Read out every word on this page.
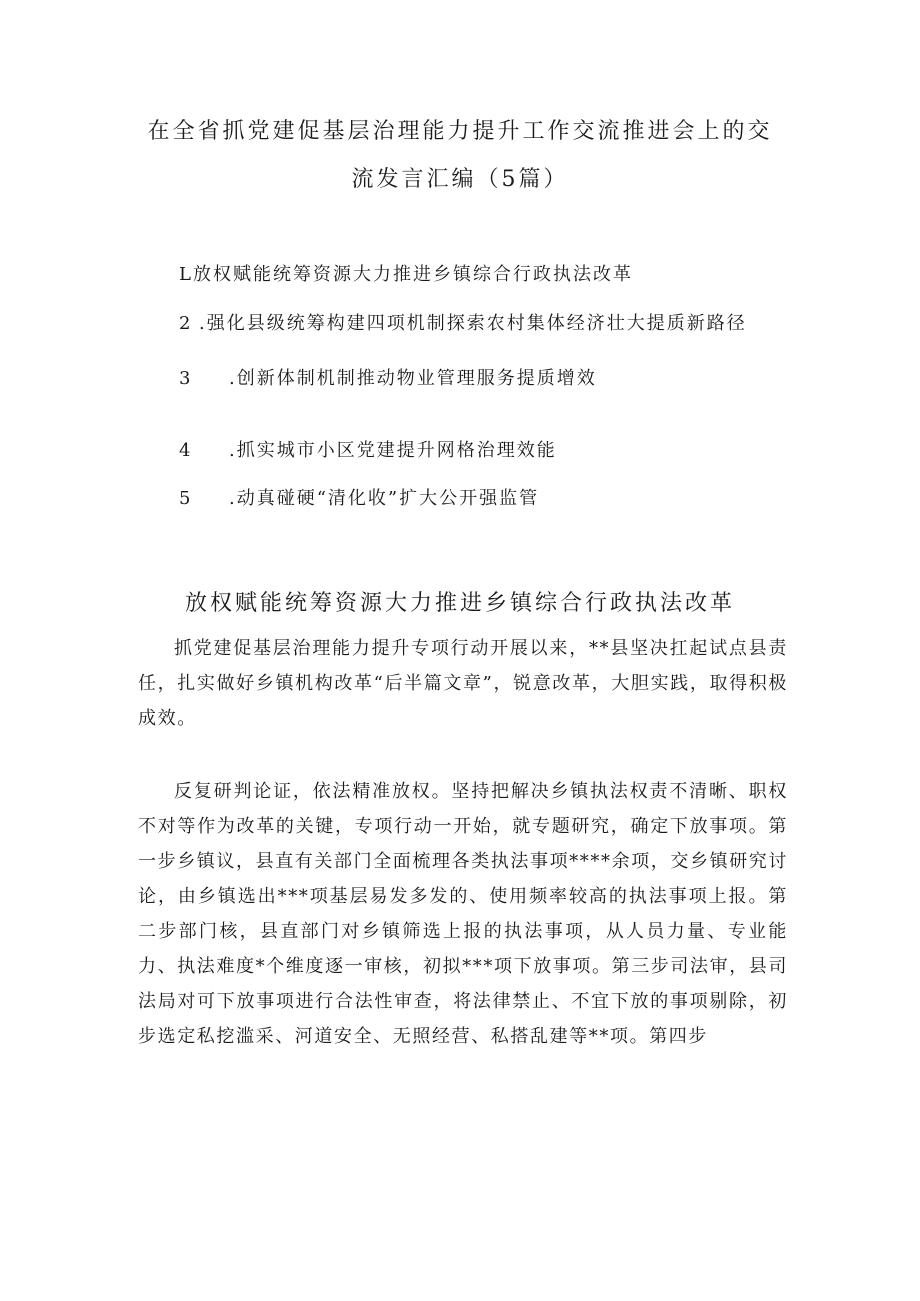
在全省抓党建促基层治理能力提升工作交流推进会上的交
流发言汇编（5篇）
L放权赋能统筹资源大力推进乡镇综合行政执法改革
2 .强化县级统筹构建四项机制探索农村集体经济壮大提质新路径
3 .创新体制机制推动物业管理服务提质增效
4 .抓实城市小区党建提升网格治理效能
5 .动真碰硬“清化收”扩大公开强监管
放权赋能统筹资源大力推进乡镇综合行政执法改革

抓党建促基层治理能力提升专项行动开展以来，**县坚决扛起试点县责任，扎实做好乡镇机构改革“后半篇文章”，锐意改革，大胆实践，取得积极成效。

反复研判论证，依法精准放权。坚持把解决乡镇执法权责不清晰、职权不对等作为改革的关键，专项行动一开始，就专题研究，确定下放事项。第一步乡镇议，县直有关部门全面梳理各类执法事项****余项，交乡镇研究讨论，由乡镇选出***项基层易发多发的、使用频率较高的执法事项上报。第二步部门核，县直部门对乡镇筛选上报的执法事项，从人员力量、专业能力、执法难度*个维度逐一审核，初拟***项下放事项。第三步司法审，县司法局对可下放事项进行合法性审查，将法律禁止、不宜下放的事项剔除，初步选定私挖滥采、河道安全、无照经营、私搭乱建等**项。第四步
